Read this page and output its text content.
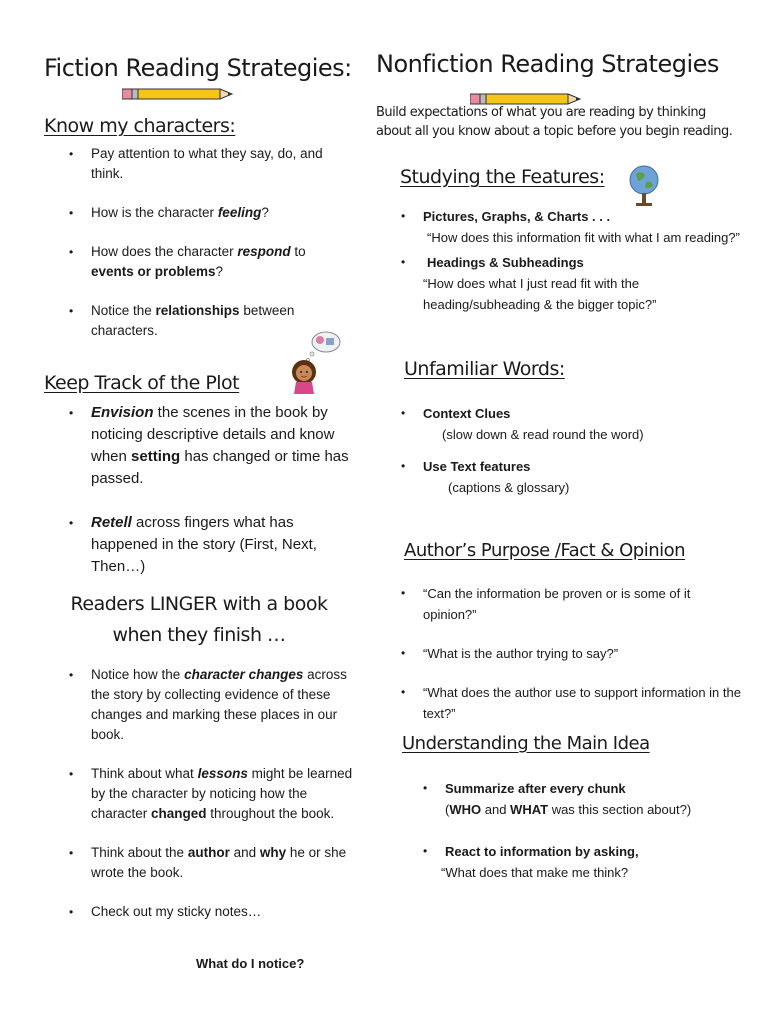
Fiction Reading Strategies:
Know my characters:
• Pay attention to what they say, do, and think.
• How is the character feeling?
• How does the character respond to events or problems?
• Notice the relationships between characters.
Keep Track of the Plot
• Envision the scenes in the book by noticing descriptive details and know when setting has changed or time has passed.
• Retell across fingers what has happened in the story (First, Next, Then…)
Readers LINGER with a book when they finish …
• Notice how the character changes across the story by collecting evidence of these changes and marking these places in our book.
• Think about what lessons might be learned by the character by noticing how the character changed throughout the book.
• Think about the author and why he or she wrote the book.
• Check out my sticky notes…
What do I notice?
Nonfiction Reading Strategies
Build expectations of what you are reading by thinking about all you know about a topic before you begin reading.
Studying the Features:
• Pictures, Graphs, & Charts . . .
“How does this information fit with what I am reading?”
• Headings & Subheadings
“How does what I just read fit with the heading/subheading & the bigger topic?”
Unfamiliar Words:
• Context Clues
(slow down & read round the word)
• Use Text features
(captions & glossary)
Author’s Purpose /Fact & Opinion
• “Can the information be proven or is some of it opinion?”
• “What is the author trying to say?”
• “What does the author use to support information in the text?”
Understanding the Main Idea
• Summarize after every chunk
(WHO and WHAT was this section about?)
• React to information by asking,
“What does that make me think?
